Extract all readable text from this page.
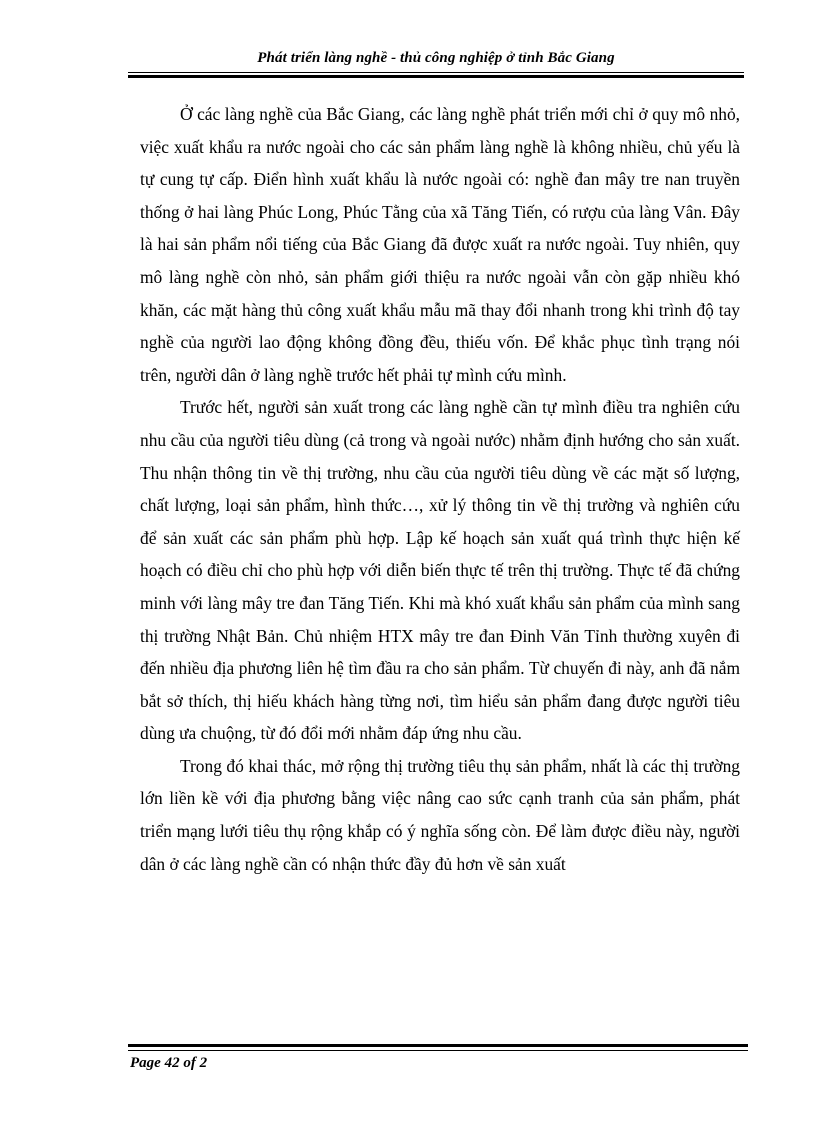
Phát triển làng nghề - thủ công nghiệp ở tỉnh Bắc Giang

Ở các làng nghề của Bắc Giang, các làng nghề phát triển mới chỉ ở quy mô nhỏ, việc xuất khẩu ra nước ngoài cho các sản phẩm làng nghề là không nhiều, chủ yếu là tự cung tự cấp. Điển hình xuất khẩu là nước ngoài có: nghề đan mây tre nan truyền thống ở hai làng Phúc Long, Phúc Tằng của xã Tăng Tiến, có rượu của làng Vân. Đây là hai sản phẩm nổi tiếng của Bắc Giang đã được xuất ra nước ngoài. Tuy nhiên, quy mô làng nghề còn nhỏ, sản phẩm giới thiệu ra nước ngoài vẫn còn gặp nhiều khó khăn, các mặt hàng thủ công xuất khẩu mẫu mã thay đổi nhanh trong khi trình độ tay nghề của người lao động không đồng đều, thiếu vốn. Để khắc phục tình trạng nói trên, người dân ở làng nghề trước hết phải tự mình cứu mình.

Trước hết, người sản xuất trong các làng nghề cần tự mình điều tra nghiên cứu nhu cầu của người tiêu dùng (cả trong và ngoài nước) nhằm định hướng cho sản xuất. Thu nhận thông tin về thị trường, nhu cầu của người tiêu dùng về các mặt số lượng, chất lượng, loại sản phẩm, hình thức…, xử lý thông tin về thị trường và nghiên cứu để sản xuất các sản phẩm phù hợp. Lập kế hoạch sản xuất quá trình thực hiện kế hoạch có điều chỉ cho phù hợp với diễn biến thực tế trên thị trường. Thực tế đã chứng minh với làng mây tre đan Tăng Tiến. Khi mà khó xuất khẩu sản phẩm của mình sang thị trường Nhật Bản. Chủ nhiệm HTX mây tre đan Đinh Văn Tỉnh thường xuyên đi đến nhiều địa phương liên hệ tìm đầu ra cho sản phẩm. Từ chuyến đi này, anh đã nắm bắt sở thích, thị hiếu khách hàng từng nơi, tìm hiểu sản phẩm đang được người tiêu dùng ưa chuộng, từ đó đổi mới nhằm đáp ứng nhu cầu.

Trong đó khai thác, mở rộng thị trường tiêu thụ sản phẩm, nhất là các thị trường lớn liền kề với địa phương bằng việc nâng cao sức cạnh tranh của sản phẩm, phát triển mạng lưới tiêu thụ rộng khắp có ý nghĩa sống còn. Để làm được điều này, người dân ở các làng nghề cần có nhận thức đầy đủ hơn về sản xuất

Page 42 of 2
